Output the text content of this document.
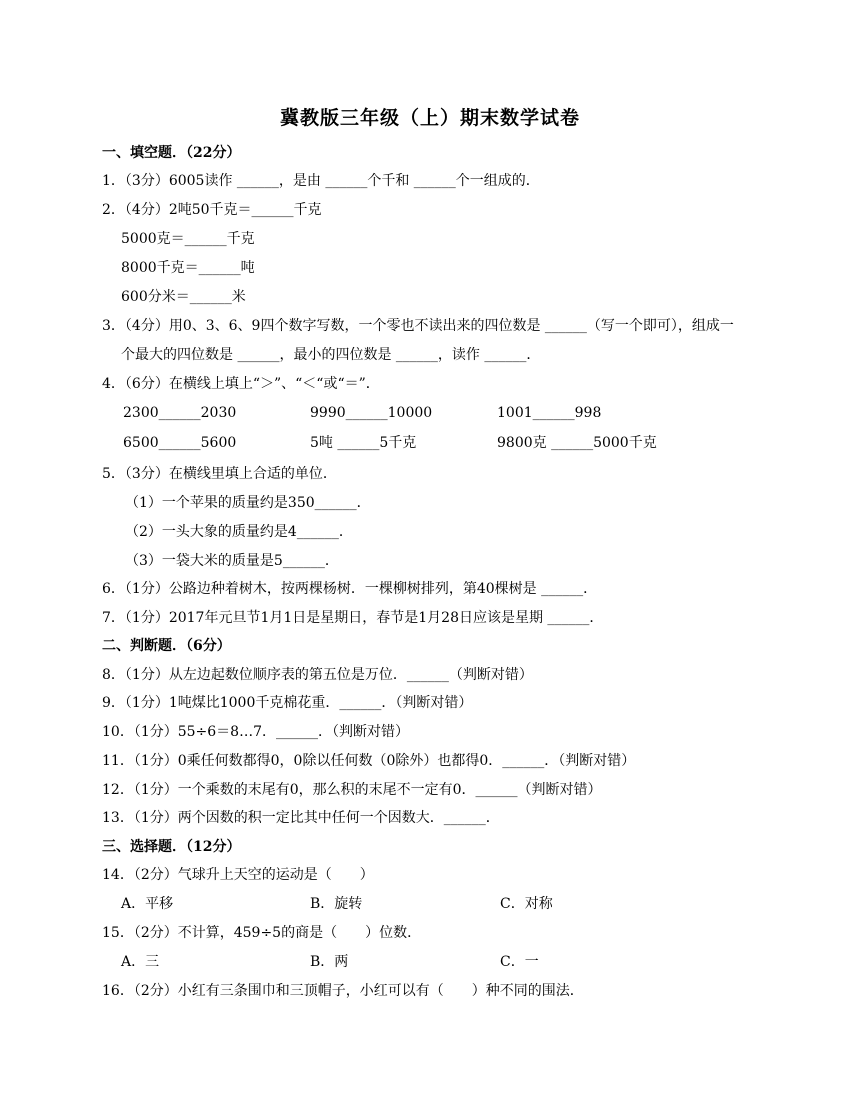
冀教版三年级（上）期末数学试卷
一、填空题．（22分）
1．（3分）6005读作 ______，是由 ______个千和 ______个一组成的．
2．（4分）2吨50千克＝______千克
5000克＝______千克
8000千克＝______吨
600分米＝______米
3．（4分）用0、3、6、9四个数字写数，一个零也不读出来的四位数是 ______（写一个即可），组成一
个最大的四位数是 ______，最小的四位数是 ______，读作 ______．
4．（6分）在横线上填上“＞”、“＜“或“＝”．
2300______2030	9990______10000	1001______998
6500______5600	5吨 ______5千克	9800克 ______5000千克
5．（3分）在横线里填上合适的单位．
（1）一个苹果的质量约是350______．
（2）一头大象的质量约是4______．
（3）一袋大米的质量是5______．
6．（1分）公路边种着树木，按两棵杨树．一棵柳树排列，第40棵树是 ______．
7．（1分）2017年元旦节1月1日是星期日，春节是1月28日应该是星期 ______．
二、判断题．（6分）
8．（1分）从左边起数位顺序表的第五位是万位．______（判断对错）
9．（1分）1吨煤比1000千克棉花重．______．（判断对错）
10．（1分）55÷6＝8…7．______．（判断对错）
11．（1分）0乘任何数都得0，0除以任何数（0除外）也都得0．______．（判断对错）
12．（1分）一个乘数的末尾有0，那么积的末尾不一定有0．______（判断对错）
13．（1分）两个因数的积一定比其中任何一个因数大．______．
三、选择题．（12分）
14．（2分）气球升上天空的运动是（　　）
A．平移	B．旋转	C．对称
15．（2分）不计算，459÷5的商是（　　）位数．
A．三	B．两	C．一
16．（2分）小红有三条围巾和三顶帽子，小红可以有（　　）种不同的围法．
